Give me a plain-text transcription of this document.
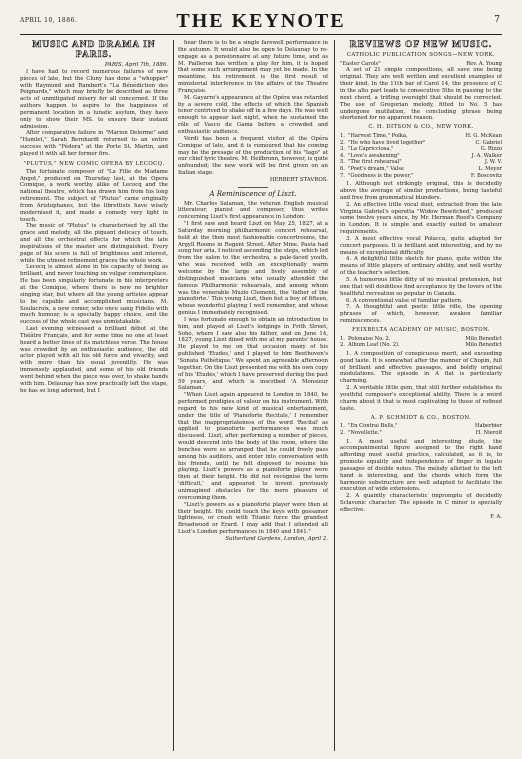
APRIL 10, 1886.	THE KEYNOTE	7
MUSIC AND DRAMA IN PARIS.
PARIS, April 7th, 1886.

I have had to record numerous failures of new pieces of late, but the Cluny has done a "whopper" with Raymond and Rambert's "La Bénédiction des Poignards," which may briefly be described as three acts of unmitigated misery for all concerned. If the authors happen to aspire to the happiness of permanent location in a lunatic asylum, they have only to show their MS. to ensure their instant admission.

After comparative failure in "Marion Delorme" and "Hamlet," Sarah Bernhardt returned to an entire success with "Fédora" at the Porte St. Martin, and played it with all her former fire.

"PLUTUS," NEW COMIC OPERA BY LECOCQ.

The fortunate composer of "La Fille de Madame Angot," produced on Thursday last, at the Opera Comique, a work worthy alike of Lecocq and the national theatre, which has drawn him from his long retirement. The subject of "Plutus" came originally from Aristophanes, but the librettists have wisely modernised it, and made a comedy very light in touch.

The music of "Plutus" is characterised by all the grace and melody, all the piquant delicacy of touch, and all the orchestral effects for which the late inspirations of the master are distinguished. Every page of his score is full of brightness and interest, while the utmost refinement graces the whole work.

Lecocq is almost alone in his capacity of being as brilliant, and never touching on vulgar commonplace. He has been singularly fortunate in his interpreters at the Comique, where there is now no brighter singing star, but where all the young artistes appear to be capable and accomplished musicians. M. Soulacroix, a new comer, who once sang Fidelio with much humour, is a specially happy choice, and the success of the whole cast was unmistakable.

Last evening witnessed a brilliant début at the Théâtre Français, and for some time no one at least heard a better lines of its matchless verse. The house was crowded by an enthusiastic audience, the old actor played with all his old force and vivacity, and with more than his usual juvenility. He was immensely applauded, and some of his old friends went behind when the piece was over, to shake hands with him. Delaunay has now practically left the stage, he has so long adorned, but I

hear there is to be a single farewell performance in the autumn. It would also be open to Delaunay to re-engage as a pensionnaire at any future time, and as M. Pailleron has written a play for him, it is hoped that some such arrangement may yet be made. In the meantime, his retirement is the first result of ministerial interference in the affairs of the Theatre Française.

M. Gayarre's appearance at the Opéra was retarded by a severe cold, the effects of which the Spanish tenor contrived to shake off in a few days. He was well enough to appear last night, when he sustained the rôle of Vasco de Gama before a crowded and enthusiastic audience.

Verdi has been a frequent visitor at the Opéra Comique of late, and it is rumoured that his coming may be the presage of the production of his "Iago" at our chief lyric theatre. M. Heilbronn, however, is quite unfounded; the new work will be first given on an Italian stage.

HERBERT STAVROS.
A Reminiscence of Liszt.

Mr. Charles Salaman, the veteran English musical litterateur, pianist and composer, thus writes concerning Liszt's first appearance in London:

"I first saw and heard Liszt on May 25, 1827, at a Saturday morning philharmonic concert rehearsal, held at the then most fashionable concertrooms, the Argyll Rooms in Regent Street. After Mme. Pasta had sung her aria, I noticed ascending the steps, which led from the salon to the orchestra, a pale-faced youth, who was received with an exceptionally warm welcome by the large and lively assembly of distinguished musicians who usually attended the famous Philharmonic rehearsals, and among whom was the venerable Muzio Clementi, the 'father of the pianoforte.' This young Liszt, then but a boy of fifteen, whose wonderful playing I well remember, and whose genius I immediately recognised.

I was fortunate enough to obtain an introduction to him, and played at Liszt's lodgings in Frith Street, Soho, where I saw also his father, and on June 14, 1827, young Liszt dined with me at my parents' house. He played to me on that occasion many of his published 'Etudes,' and I played to him Beethoven's 'Sonata Pathétique.' We spent an agreeable afternoon together. On the Liszt presented me with his own copy of his 'Etudes,' which I have preserved during the past 59 years, and which is inscribed 'A Monsieur Salaman.'

"When Liszt again appeared in London in 1840, he performed prodigies of valour on his instrument. With regard to his new kind of musical entertainment, under the title of 'Pianoforte Recitals,' I remember that the inappropriateness of the word 'Recital' as applied to pianoforte performances was much discussed. Liszt, after performing a number of pieces, would descend into the body of the room, where the benches were so arranged that he could freely pass among his auditors, and enter into conversation with his friends, until he felt disposed to resume his playing. Liszt's powers as a pianoforte player were then at their height. He did not recognise the term 'difficult,' and appeared to invent previously unimagined obstacles for the mere pleasure of overcoming them.

"Liszt's powers as a pianoforte player were then at their height. He could touch the keys with gossamer lightness, or crash with Titanic force the grandest Broadwood or Erard. I may add that I attended all Liszt's London performances in 1840 and 1841."

Sutherland Gardens, London, April 2.
REVIEWS OF NEW MUSIC.
CATHOLIC PUBLICATION SONGS—NEW YORK.
"Easter Carols"	Rev. A. Young

A set of 21 simple compositions, all save one being original. They are well written and excellent examples of their kind. In the 11th bar of Carol 14, the presence of C in the alto part leads to consecutive 5ths in passing to the next chord, a trifling oversight that should be corrected. The use of Gregorian melody, fitted to No. 5 has undergone mutilation, the concluding phrase being shortened for no apparent reason.

C. H. DITSON & CO., NEW YORK.
1. "Harvest Time," Polka,	H. G. McKean
2. "He who have lived together"	C. Gabriel
3. "La Capricciosa,"	G. Rizzo
4. "Love's awakening"	J. A. Walker
5. "The first rehearsal"	J. W. V.
6. "Poet's dream," Valse	L. Meyer
7. "Goodness is the power,"	F. Boscovitz

1. Although not strikingly original, this is decidedly above the average of similar productions, being tasteful and free from grammatical blunders.

2. An effective little vocal duet, extracted from the late Virginia Gabriel's operetta "Widow Bewitched," produced some twelve years since, by Mr. Herman Reed's Company in London. It is simple and exactly suited to amateur requirements.

3. A most effective vocal Polacca, quite adapted for concert purposes. It is brilliant and interesting, and by no means of exceptional difficulty.

4. A delightful little sketch for piano, quite within the means of little players of ordinary ability, and well worthy of the teacher's selection.

5. A humorous little ditty of no musical pretension, but one that will doubtless find acceptance by the lovers of the healthful recreation so popular in Canada.

6. A conventional valse of familiar pattern.

7. A thoughtful and poetic little rifle, the opening phrases of which, however, awaken familiar reminiscences.

FEIXBELTA ACADEMY OF MUSIC, BOSTON.
1. Polonaise No. 2.	Milo Benedict
2. Album Leaf (No. 2).	Milo Benedict

1. A composition of conspicuous merit, and exceeding good taste. It is somewhat after the manner of Chopin, full of brilliant and effective passages, and boldly original modulations. The episode in A flat is particularly charming.

2. A veritable little gem, that still further establishes its youthful composer's exceptional ability. There is a weird charm about it that is most captivating to those of refined taste.

A. P. SCHMIDT & CO., BOSTON.
1. "En Contrai Bells,"	Haberbier
2. "Novellette."	H. Nierolf

1. A most useful and interesting étude, the accompanimental figure assigned to the right hand affording most useful practice, calculated, as it is, to promote equality and independence of finger in legato passages of double notes. The melody allotted to the left hand is interesting, and the chords which form the harmonic substructure are well adapted to facilitate the execution of wide extensions.

2. A quaintly characteristic impromptu of decidedly Sclavonic character. The episode in C minor is specially effective.

F. A.
